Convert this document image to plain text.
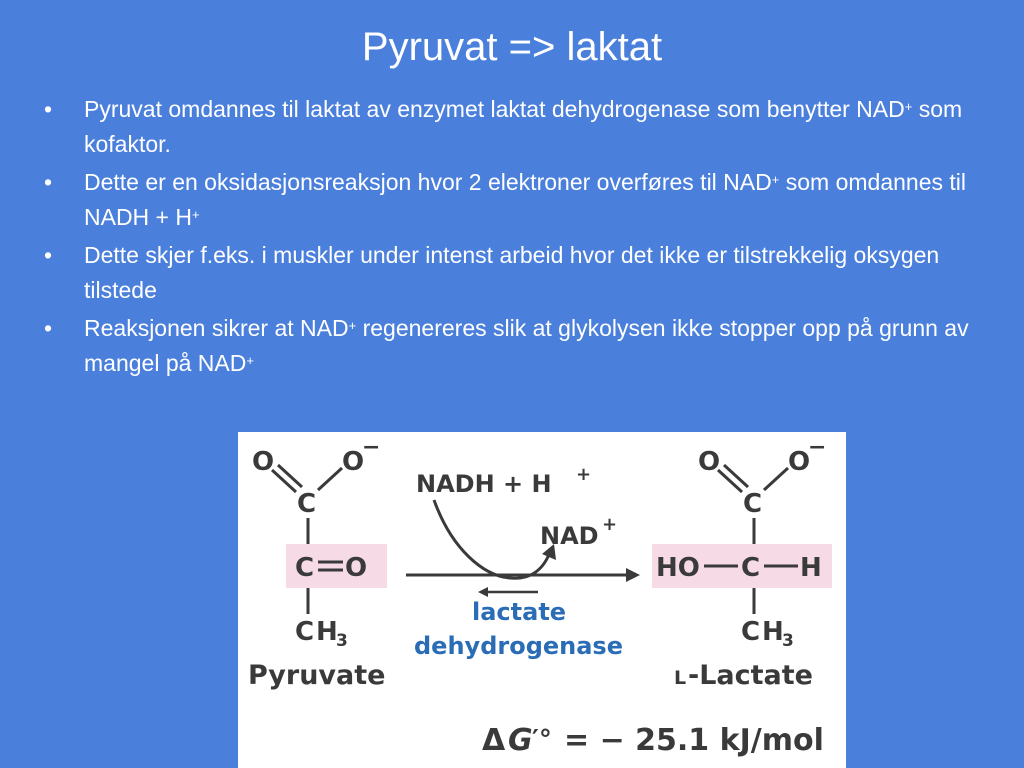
Pyruvat => laktat
• Pyruvat omdannes til laktat av enzymet laktat dehydrogenase som benytter NAD+ som kofaktor.
• Dette er en oksidasjonsreaksjon hvor 2 elektroner overføres til NAD+ som omdannes til NADH + H+
• Dette skjer f.eks. i muskler under intenst arbeid hvor det ikke er tilstrekkelig oksygen tilstede
• Reaksjonen sikrer at NAD+ regenereres slik at glykolysen ikke stopper opp på grunn av mangel på NAD+
O	O
−
C
C O
C H
3
Pyruvate
NADH + H +
NAD +
lactate
dehydrogenase
O	O
−
C
HO C H
C H
3
L -Lactate
Δ G ′° = − 25.1 kJ/mol
